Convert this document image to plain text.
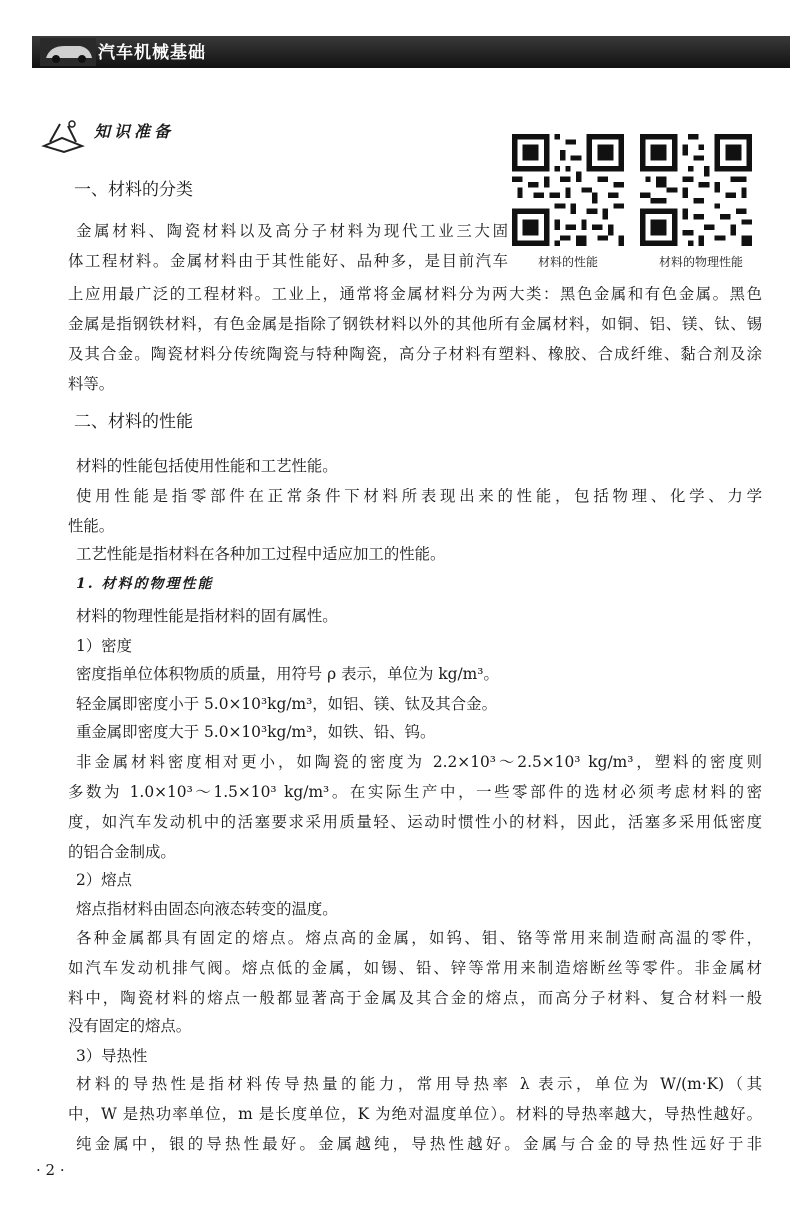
汽车机械基础
知识准备
材料的性能	材料的物理性能
一、材料的分类
金属材料、陶瓷材料以及高分子材料为现代工业三大固
体工程材料。金属材料由于其性能好、品种多，是目前汽车
上应用最广泛的工程材料。工业上，通常将金属材料分为两大类：黑色金属和有色金属。黑色
金属是指钢铁材料，有色金属是指除了钢铁材料以外的其他所有金属材料，如铜、铝、镁、钛、锡
及其合金。陶瓷材料分传统陶瓷与特种陶瓷，高分子材料有塑料、橡胶、合成纤维、黏合剂及涂
料等。
二、材料的性能
材料的性能包括使用性能和工艺性能。
使用性能是指零部件在正常条件下材料所表现出来的性能，包括物理、化学、力学
性能。
工艺性能是指材料在各种加工过程中适应加工的性能。
1. 材料的物理性能
材料的物理性能是指材料的固有属性。
1）密度
密度指单位体积物质的质量，用符号 ρ 表示，单位为 kg/m³。
轻金属即密度小于 5.0×10³kg/m³，如铝、镁、钛及其合金。
重金属即密度大于 5.0×10³kg/m³，如铁、铅、钨。
非金属材料密度相对更小，如陶瓷的密度为 2.2×10³～2.5×10³ kg/m³，塑料的密度则
多数为 1.0×10³～1.5×10³ kg/m³。在实际生产中，一些零部件的选材必须考虑材料的密
度，如汽车发动机中的活塞要求采用质量轻、运动时惯性小的材料，因此，活塞多采用低密度
的铝合金制成。
2）熔点
熔点指材料由固态向液态转变的温度。
各种金属都具有固定的熔点。熔点高的金属，如钨、钼、铬等常用来制造耐高温的零件，
如汽车发动机排气阀。熔点低的金属，如锡、铅、锌等常用来制造熔断丝等零件。非金属材
料中，陶瓷材料的熔点一般都显著高于金属及其合金的熔点，而高分子材料、复合材料一般
没有固定的熔点。
3）导热性
材料的导热性是指材料传导热量的能力，常用导热率 λ 表示，单位为 W/(m·K)（其
中，W 是热功率单位，m 是长度单位，K 为绝对温度单位）。材料的导热率越大，导热性越好。
纯金属中，银的导热性最好。金属越纯，导热性越好。金属与合金的导热性远好于非
· 2 ·
